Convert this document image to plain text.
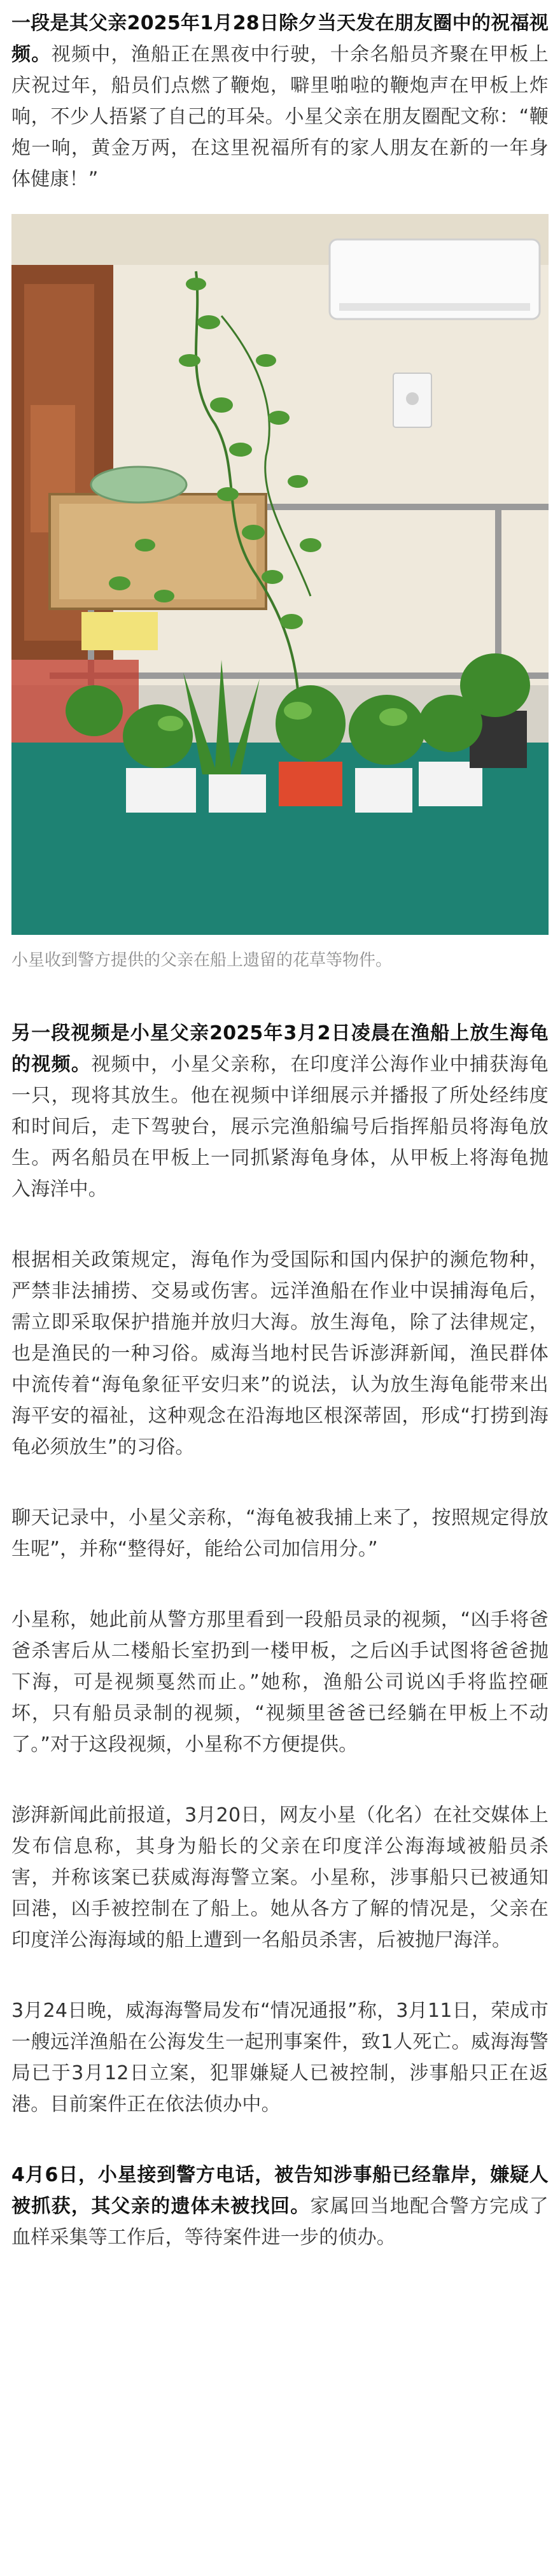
一段是其父亲2025年1月28日除夕当天发在朋友圈中的祝福视频。视频中，渔船正在黑夜中行驶，十余名船员齐聚在甲板上庆祝过年，船员们点燃了鞭炮，噼里啪啦的鞭炮声在甲板上炸响，不少人捂紧了自己的耳朵。小星父亲在朋友圈配文称：“鞭炮一响，黄金万两，在这里祝福所有的家人朋友在新的一年身体健康！”

小星收到警方提供的父亲在船上遗留的花草等物件。

另一段视频是小星父亲2025年3月2日凌晨在渔船上放生海龟的视频。视频中，小星父亲称，在印度洋公海作业中捕获海龟一只，现将其放生。他在视频中详细展示并播报了所处经纬度和时间后，走下驾驶台，展示完渔船编号后指挥船员将海龟放生。两名船员在甲板上一同抓紧海龟身体，从甲板上将海龟抛入海洋中。

根据相关政策规定，海龟作为受国际和国内保护的濒危物种，严禁非法捕捞、交易或伤害。远洋渔船在作业中误捕海龟后，需立即采取保护措施并放归大海。放生海龟，除了法律规定，也是渔民的一种习俗。威海当地村民告诉澎湃新闻，渔民群体中流传着“海龟象征平安归来”的说法，认为放生海龟能带来出海平安的福祉，这种观念在沿海地区根深蒂固，形成“打捞到海龟必须放生”的习俗。

聊天记录中，小星父亲称，“海龟被我捕上来了，按照规定得放生呢”，并称“整得好，能给公司加信用分。”

小星称，她此前从警方那里看到一段船员录的视频，“凶手将爸爸杀害后从二楼船长室扔到一楼甲板，之后凶手试图将爸爸抛下海，可是视频戛然而止。”她称，渔船公司说凶手将监控砸坏，只有船员录制的视频，“视频里爸爸已经躺在甲板上不动了。”对于这段视频，小星称不方便提供。

澎湃新闻此前报道，3月20日，网友小星（化名）在社交媒体上发布信息称，其身为船长的父亲在印度洋公海海域被船员杀害，并称该案已获威海海警立案。小星称，涉事船只已被通知回港，凶手被控制在了船上。她从各方了解的情况是，父亲在印度洋公海海域的船上遭到一名船员杀害，后被抛尸海洋。

3月24日晚，威海海警局发布“情况通报”称，3月11日，荣成市一艘远洋渔船在公海发生一起刑事案件，致1人死亡。威海海警局已于3月12日立案，犯罪嫌疑人已被控制，涉事船只正在返港。目前案件正在依法侦办中。

4月6日，小星接到警方电话，被告知涉事船已经靠岸，嫌疑人被抓获，其父亲的遗体未被找回。家属回当地配合警方完成了血样采集等工作后，等待案件进一步的侦办。
